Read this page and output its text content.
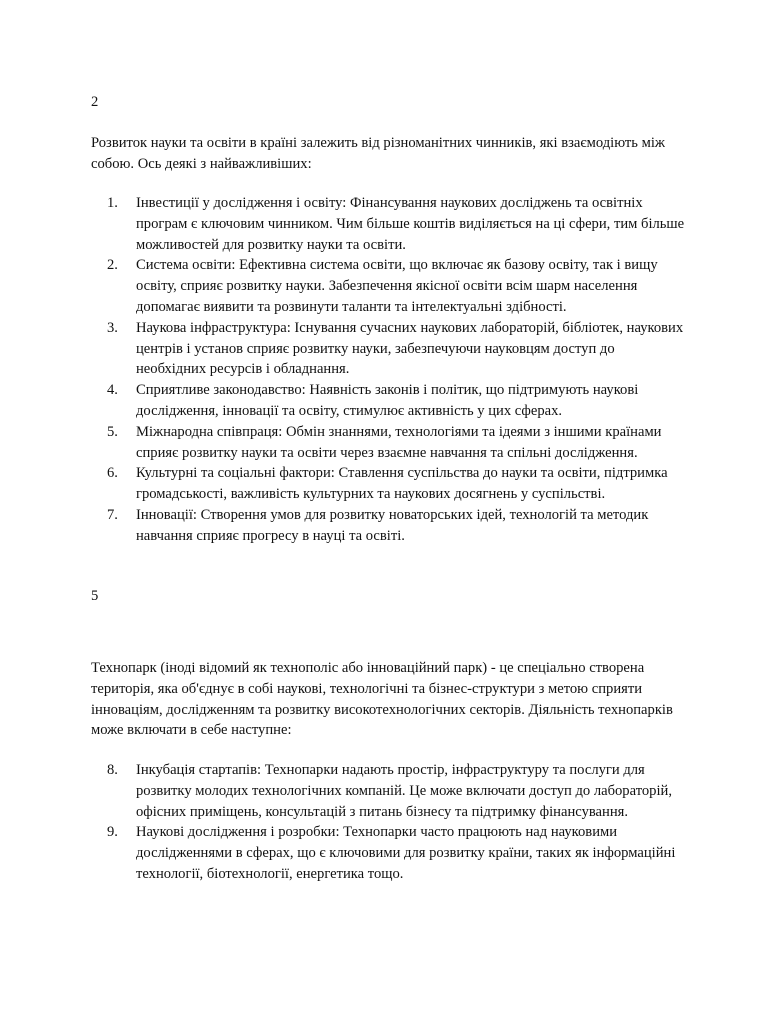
2

Розвиток науки та освіти в країні залежить від різноманітних чинників, які взаємодіють між собою. Ось деякі з найважливіших:

1.	Інвестиції у дослідження і освіту: Фінансування наукових досліджень та освітніх програм є ключовим чинником. Чим більше коштів виділяється на ці сфери, тим більше можливостей для розвитку науки та освіти.
2.	Система освіти: Ефективна система освіти, що включає як базову освіту, так і вищу освіту, сприяє розвитку науки. Забезпечення якісної освіти всім шарм населення допомагає виявити та розвинути таланти та інтелектуальні здібності.
3.	Наукова інфраструктура: Існування сучасних наукових лабораторій, бібліотек, наукових центрів і установ сприяє розвитку науки, забезпечуючи науковцям доступ до необхідних ресурсів і обладнання.
4.	Сприятливе законодавство: Наявність законів і політик, що підтримують наукові дослідження, інновації та освіту, стимулює активність у цих сферах.
5.	Міжнародна співпраця: Обмін знаннями, технологіями та ідеями з іншими країнами сприяє розвитку науки та освіти через взаємне навчання та спільні дослідження.
6.	Культурні та соціальні фактори: Ставлення суспільства до науки та освіти, підтримка громадськості, важливість культурних та наукових досягнень у суспільстві.
7.	Інновації: Створення умов для розвитку новаторських ідей, технологій та методик навчання сприяє прогресу в науці та освіті.

5

Технопарк (іноді відомий як технополіс або інноваційний парк) - це спеціально створена територія, яка об'єднує в собі наукові, технологічні та бізнес-структури з метою сприяти інноваціям, дослідженням та розвитку високотехнологічних секторів. Діяльність технопарків може включати в себе наступне:

8.	Інкубація стартапів: Технопарки надають простір, інфраструктуру та послуги для розвитку молодих технологічних компаній. Це може включати доступ до лабораторій, офісних приміщень, консультацій з питань бізнесу та підтримку фінансування.
9.	Наукові дослідження і розробки: Технопарки часто працюють над науковими дослідженнями в сферах, що є ключовими для розвитку країни, таких як інформаційні технології, біотехнології, енергетика тощо.
